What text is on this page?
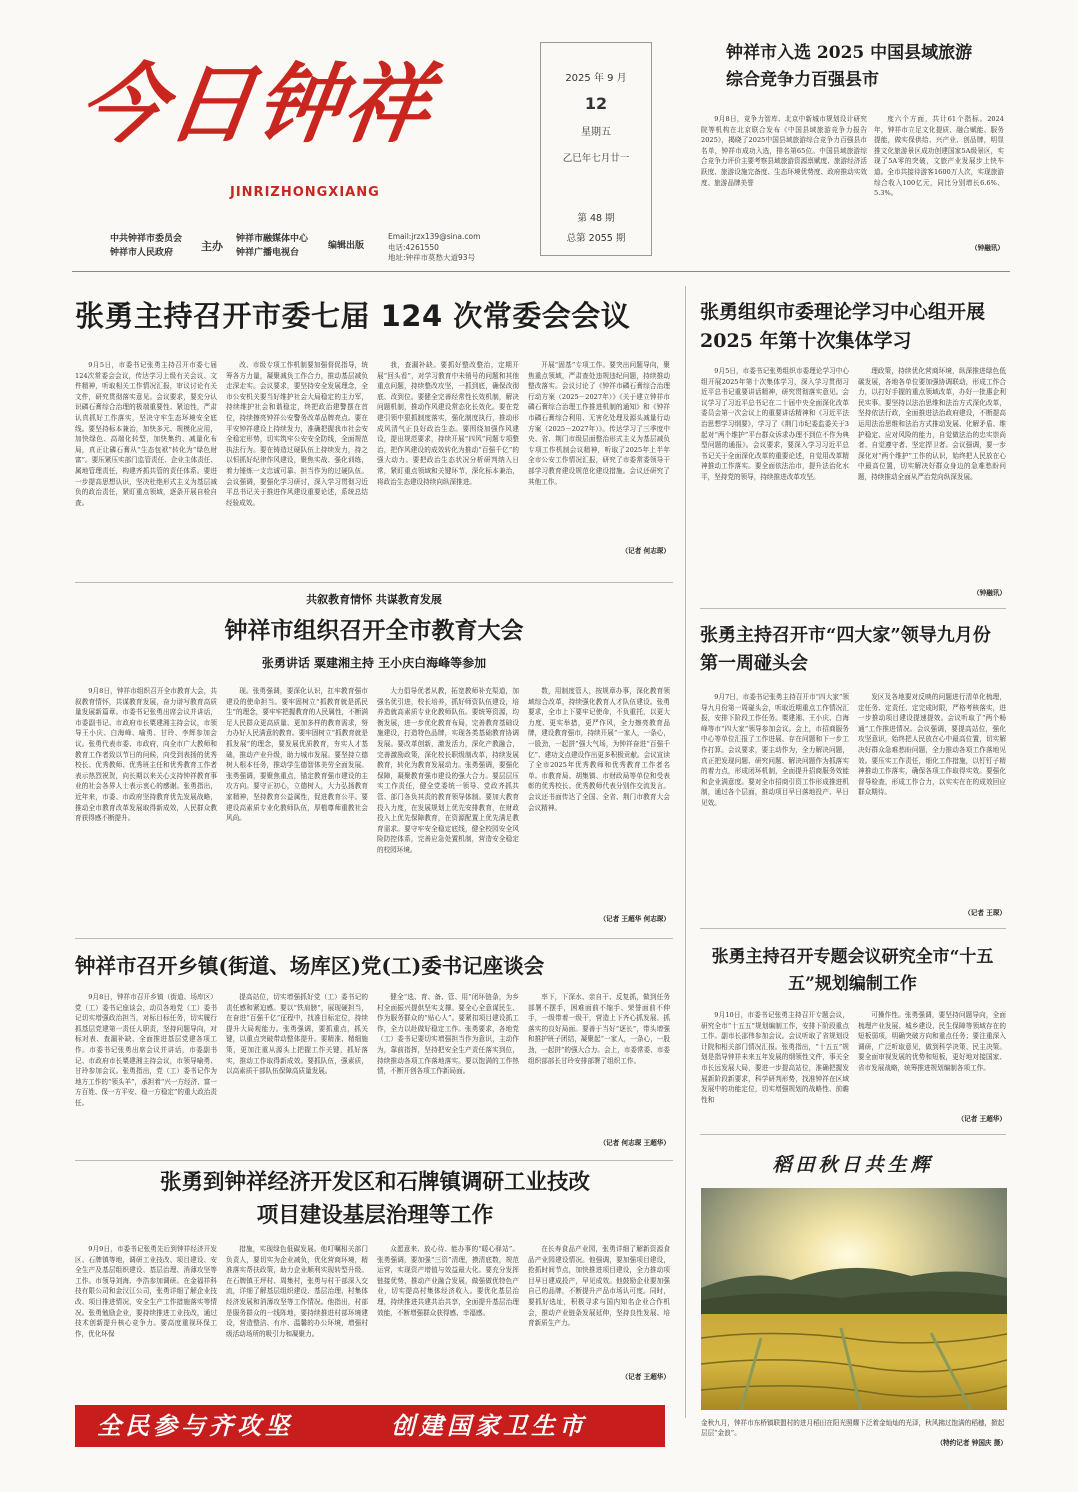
今日钟祥
JINRIZHONGXIANG
中共钟祥市委员会
钟祥市人民政府	主办
钟祥市融媒体中心
钟祥广播电视台
编辑出版
Email:jrzx139@sina.com
电话:4261550
地址:钟祥市莫愁大道93号
2025 年 9 月
12
星期五
乙巳年七月廿一
第 48 期
总第 2055 期
钟祥市入选 2025 中国县域旅游综合竞争力百强县市

9月8日，竞争力智库、北京中新城市规划设计研究院等机构在北京联合发布《中国县域旅游竞争力报告2025》，揭晓了2025中国县域旅游综合竞争力百强县市名单，钟祥市成功入选，排名第65位。中国县域旅游综合竞争力评价主要考察县域旅游资源禀赋度、旅游经济活跃度、旅游设施完备度、生态环境优势度、政府推动实效度、旅游品牌美誉

度六个方面，共计61个指标。2024年，钟祥市立足文化提质、融合赋能、服务提能，做实保供给、兴产业、创品牌，明显推文化旅游景区成功创建国家5A级景区，实现了5A零的突破，文旅产业发展步上快车道。全市共接待游客1600万人次，实现旅游综合收入100亿元，同比分别增长6.6%、5.3%。

（钟融讯）
张勇主持召开市委七届 124 次常委会会议

9月5日，市委书记张勇主持召开市委七届124次常委会会议，传达学习上级有关会议、文件精神，听取相关工作情况汇报，审议讨论有关文件，研究贯彻落实意见。会议要求，要充分认识磷石膏综合治理的极端重要性、紧迫性，严肃认真抓好工作落实，坚决守牢生态环境安全底线。要坚持标本兼治，加快多元、规模化应用，加快绿色、高端化转型，加快集约、减量化布局，真正让磷石膏从“生态包袱”转化为“绿色财富”。要压紧压实部门监管责任、企业主体责任、属地管理责任，构建齐抓共管的责任体系。要进一步提高思想认识，坚决杜绝形式主义为基层减负的政治责任，紧盯重点领域，逐条开展自检自查。

改、市级专项工作机制要加强督促指导，统筹各方力量，凝聚减负工作合力，推动基层减负走深走实。会议要求，要坚持安全发展理念，全市公安机关要当好维护社会大局稳定的主力军，持续维护社会和谐稳定，终把政治建警摆在首位，持续擦亮钟祥公安警务改革品牌亮点。要在平安钟祥建设上持续发力，准确把握我市社会安全稳定形势，切实筑牢公安安全防线，全面规范执法行为。要在铸造过硬队伍上持续发力，持之以恒抓好纪律作风建设，聚焦实战、强化训练，着力锤炼一支忠诚可靠、担当作为的过硬队伍。会议强调，要强化学习研讨，深入学习贯彻习近平总书记关于推进作风建设重要论述，系统总结经验成效。

我，查漏补缺。要抓好整改整治，定期开展“回头看”，对学习教育中未销号的问题和其他重点问题，持续整改攻坚，一抓到底，确保改彻底、改到位。要健全完善经常性长效机制，解决问题机制，推动作风建设常态化长效化。要在党建引领中狠抓制度落实，强化制度执行，推动形成风清气正良好政治生态。要围绕加强作风建设，提出规范要求，持续开展“四风”问题专项整治，把作风建设的成效转化为推动“百强千亿”的强大动力。要把政治生态状况分析研判纳入日常，紧盯重点领域和关键环节，深化标本兼治，将政治生态建设持续向纵深推进。

开展“固基”专项工作。要突出问题导向，聚焦重点领域，严肃查处违规违纪问题，持续推动整改落实。会议讨论了《钟祥市磷石膏综合治理行动方案（2025－2027年）》《关于建立钟祥市磷石膏综合治理工作推进机制的通知》和《钟祥市磷石膏综合利用、无害化处理及源头减量行动方案（2025－2027年）》。传达学习了三季度中央、省、荆门市级层面整治形式主义为基层减负专项工作机制会议精神，听取了2025年上半年全市公安工作情况汇报，研究了市委常委领导干部学习教育建设规范化建设措施。会议还研究了其他工作。

（记者 何志琛）
张勇组织市委理论学习中心组开展 2025 年第十次集体学习

9月5日，市委书记张勇组织市委理论学习中心组开展2025年第十次集体学习，深入学习贯彻习近平总书记重要讲话精神，研究贯彻落实意见。会议学习了习近平总书记在二十届中央全面深化改革委员会第一次会议上的重要讲话精神和《习近平法治思想学习纲要》，学习了《荆门市纪委监委关于3起对“两个维护”平台群众诉求办理不到位不作为典型问题的通报》。会议要求，要深入学习习近平总书记关于全面深化改革的重要论述，自觉用改革精神推动工作落实。要全面依法治市，提升法治化水平，坚持党的领导，持续推进改革攻坚。

理政策，持续优化营商环境，纵深推进绿色低碳发展，各地各单位要加强协调联动，形成工作合力，以打好手握的重点领域改革，办好一批惠企利民实事。要坚持以法治思维和法治方式深化改革，坚持依法行政，全面推进法治政府建设，不断提高运用法治思维和法治方式推动发展、化解矛盾、维护稳定、应对风险的能力，自觉做法治的忠实崇尚者、自觉遵守者、坚定捍卫者。会议强调，要一步深化对“两个维护”工作的认识，始终把人民放在心中最高位置，切实解决好群众身边的急难愁盼问题，持续推动全面从严治党向纵深发展。

（钟融讯）
共叙教育情怀 共谋教育发展
钟祥市组织召开全市教育大会
张勇讲话 粟建湘主持 王小庆白海峰等参加

9月8日，钟祥市组织召开全市教育大会，共叙教育情怀，共谋教育发展，奋力谱写教育高质量发展新篇章。市委书记张勇出席会议并讲话，市委副书记、市政府市长粟建湘主持会议，市领导王小庆、白海峰、喻勇、甘玲、李辉参加会议。张勇代表市委、市政府，向全市广大教师和教育工作者致以节日的问候，向受到表扬的优秀校长、优秀教师、优秀班主任和优秀教育工作者表示热烈祝贺，向长期以来关心支持钟祥教育事业的社会各界人士表示衷心的感谢。张勇指出，近年来，市委、市政府坚持教育优先发展战略，推动全市教育改革发展取得新成效，人民群众教育获得感不断提升。

现。张勇强调，要深化认识，扛牢教育强市建设的使命担当。要牢固树立“抓教育就是抓民生”的理念，要牢牢把握教育的人民属性，不断满足人民群众更高质量、更加多样的教育需求，努力办好人民满意的教育。要牢固树立“抓教育就是抓发展”的理念，要发展优质教育，夯实人才基础，推动产业升级，助力城市发展。要坚持立德树人根本任务，推动学生德智体美劳全面发展。张勇强调，要聚焦重点，锚定教育强市建设的主攻方向。要守正初心，立德树人，大力弘扬教育家精神，坚持教育公益属性，促进教育公平。要建设高素质专业化教师队伍，厚植尊师重教社会风尚。

大力倡导优者从教，拓宽教师补充渠道，加强名优引进，校长培养，抓好师资队伍建设，培养造就高素质专业化教师队伍。要统筹资源，均衡发展，进一步优化教育布局，完善教育基础设施建设，打造特色品牌，实现各类基础教育协调发展。要改革创新，激发活力，深化产教融合，完善激励政策，深化校长职级制改革，持续发展教育，转化为教育发展动力。张勇强调，要强化保障，凝聚教育强市建设的强大合力。要层层压实工作责任，健全党委统一领导、党政齐抓共管、部门各负其责的教育领导体制。要加大教育投入力度，在发展规划上优先安排教育，在财政投入上优先保障教育，在资源配置上优先满足教育需求。要守牢安全稳定底线，健全校园安全风险防控体系，完善应急处置机制，营造安全稳定的校园环境。

数，用制度管人，按规章办事，深化教育领域综合改革，持续强化教育人才队伍建设。张勇要求，全市上下要牢记使命，不负重托，以更大力度、更实举措，更严作风，全力擦亮教育品牌，建设教育强市，持续开展“一家人，一条心，一股劲，一起拼”强大气场，为钟祥奋进“百强千亿”、建功支点建设作出更多积极贡献。会议宣读了全市2025年优秀教师和优秀教育工作者名单。市教育局、胡集镇、市财政局等单位和受表彰的优秀校长、优秀教师代表分别作交流发言。会议还书面传达了全国、全省、荆门市教育大会会议精神。

（记者 王超华 何志琛）
张勇主持召开市“四大家”领导九月份第一周碰头会

9月7日，市委书记张勇主持召开市“四大家”领导九月份第一周碰头会，听取近期重点工作情况汇报，安排下阶段工作任务。粟建湘、王小庆、白海峰等市“四大家”领导参加会议。会上，市招商服务中心等单位汇报了工作进展、存在问题和下一步工作打算。会议要求，要主动作为，全力解决问题，真正把发现问题、研究问题、解决问题作为抓落实的着力点，形成闭环机制，全面提升招商服务效能和企业满意度。要对全市招商引资工作形成推进机制，通过各个层面，推动项目早日落地投产、早日见效。

发区及各地要对反映的问题进行清单化梳理，定任务、定责任、定完成时限，严格考核落实，进一步推动项目建设提速提效。会议听取了“两个畅通”工作推进情况。会议强调，要提高站位，强化攻坚意识，始终把人民放在心中最高位置，切实解决好群众急难愁盼问题，全力推动各项工作落地见效。要压实工作责任，细化工作措施，以钉钉子精神推动工作落实，确保各项工作取得实效。要强化督导检查，形成工作合力，以实实在在的成效回应群众期待。

（记者 王琛）
钟祥市召开乡镇(街道、场库区)党(工)委书记座谈会

9月8日，钟祥市召开乡镇（街道、场库区）党（工）委书记座谈会，动员各地党（工）委书记切实增强政治担当，对标目标任务，切实履行抓基层党建第一责任人职责，坚持问题导向，对标对表、查漏补缺、全面推进基层党建各项工作。市委书记张勇出席会议并讲话，市委副书记、市政府市长粟建湘主持会议，市领导喻勇、甘玲参加会议。张勇指出，党（工）委书记作为地方工作的“领头羊”，承担着“兴一方经济、富一方百姓、保一方平安、稳一方稳定”的重大政治责任。

提高站位，切实增强抓好党（工）委书记的责任感和紧迫感。要以“铁肩膀”，展现硬担当，在奋进“百强千亿”征程中，找准目标定位，持续提升大局观能力。张勇强调，要抓重点，抓关键，以重点突破带动整体提升。要精准、精细施策，更加注重从源头上把握工作关键，抓好落实，推动工作取得新成效。要抓队伍，强素质，以高素质干部队伍保障高质量发展。

健全“选、育、备、管、用”闭环链条，为乡村全面振兴提供坚实支撑。要全心全意谋民生、作为服务群众的“贴心人”。要紧扣项目建设抓工作，全力以赴做好稳定工作。张勇要求，各地党（工）委书记要切实增强担当作为意识，主动作为，靠前指挥，坚持把安全生产责任落实到位，持续推动各项工作落地落实。要以饱满的工作热情，不断开创各项工作新局面。

率下，下深水、亲自干、反复抓，做到任务部署不摆手，困难面前不缩手、荣誉面前不伸手，一级带着一级干，营造上下齐心抓发展、抓落实的良好局面。要善于当好“逐长”，带头增强和推护班子团结，凝聚起“一家人，一条心，一股劲，一起拼”的强大合力。会上，市委常委、市委组织部部长甘玲安排部署了组织工作。

（记者 何志琛 王超华）
张勇主持召开专题会议研究全市“十五五”规划编制工作

9月10日，市委书记张勇主持召开专题会议，研究全市“十五五”规划编制工作，安排下阶段重点工作。副市长邵伟参加会议。会议听取了省规划设计院和相关部门情况汇报。张勇指出，“十五五”规划是指导钟祥未来五年发展的纲领性文件，事关全市长远发展大局，要进一步提高站位，准确把握发展新阶段新要求，科学研判形势，找准钟祥在区域发展中的功能定位，切实增强规划的战略性、前瞻性和

可操作性。张勇强调，要坚持问题导向，全面梳理产业发展、城乡建设、民生保障等领域存在的短板弱项，明确突破方向和重点任务；要注重深入调研，广泛听取意见，做到科学决策、民主决策。要全面审视发展的优势和短板，更好地对接国家、省市发展战略，统筹推进规划编制各项工作。

（记者 王超华）
张勇到钟祥经济开发区和石牌镇调研工业技改项目建设基层治理等工作

9月9日，市委书记张勇先后到钟祥经济开发区、石牌镇等地，调研工业技改、项目建设、安全生产及基层组织建设、基层治理、消薄攻坚等工作。市领导刘海、李浩参加调研。在金福祥科技有限公司和金汉江公司，张勇详细了解企业技改、项目推进情况，安全生产工作措施落实等情况。张勇勉励企业，要持续推进工业技改，通过技术创新提升核心竞争力。要高度重视环保工作，优化环保

措施，实现绿色低碳发展。他叮嘱相关部门负责人，要切实为企业减负，优化营商环境，精准落实帮扶政策，助力企业顺利实现转型升级。在石牌镇王坪村、周集村，张勇与村干部深入交流，详细了解基层组织建设、基层治理、村集体经济发展和消薄攻坚等工作情况。他指出，村部是服务群众的一线阵地，要持续推进村部环境建设，营造整洁、有序、温馨的办公环境，增强村级活动场所的吸引力和凝聚力。

众愿意来、放心待、能办事的“暖心驿站”。张勇强调，要加强“三资”清理，摸清底数，规范运营，实现资产增值与效益最大化。要充分发挥链接优势，推动产业融合发展，做强做优特色产业，切实提高村集体经济收入。要优化基层治理，持续推进共建共治共享，全面提升基层治理效能，不断增强群众获得感、幸福感。

在长寿食品产业园，张勇详细了解新资源食品产业园建设情况。他强调，要加强项目建设，抢抓时间节点，加快推进项目建设，全力推动项目早日建成投产，早见成效。他鼓励企业要加强自己的品牌，不断提升产品市场认可度。同时，要抓好选址，积极寻求与国内知名企业合作机会，推动产业链条发展延伸，坚持良性发展、培育新质生产力。

（记者 王超华）
稻田秋日共生辉
金秋九月，钟祥市东桥镇联盟村的进月稻田在阳光照耀下泛着金灿灿的光泽，秋风拂过饱满的稻穗，掀起层层“金浪”。
（特约记者 钟国庆 摄）
全民参与齐攻坚	创建国家卫生市
